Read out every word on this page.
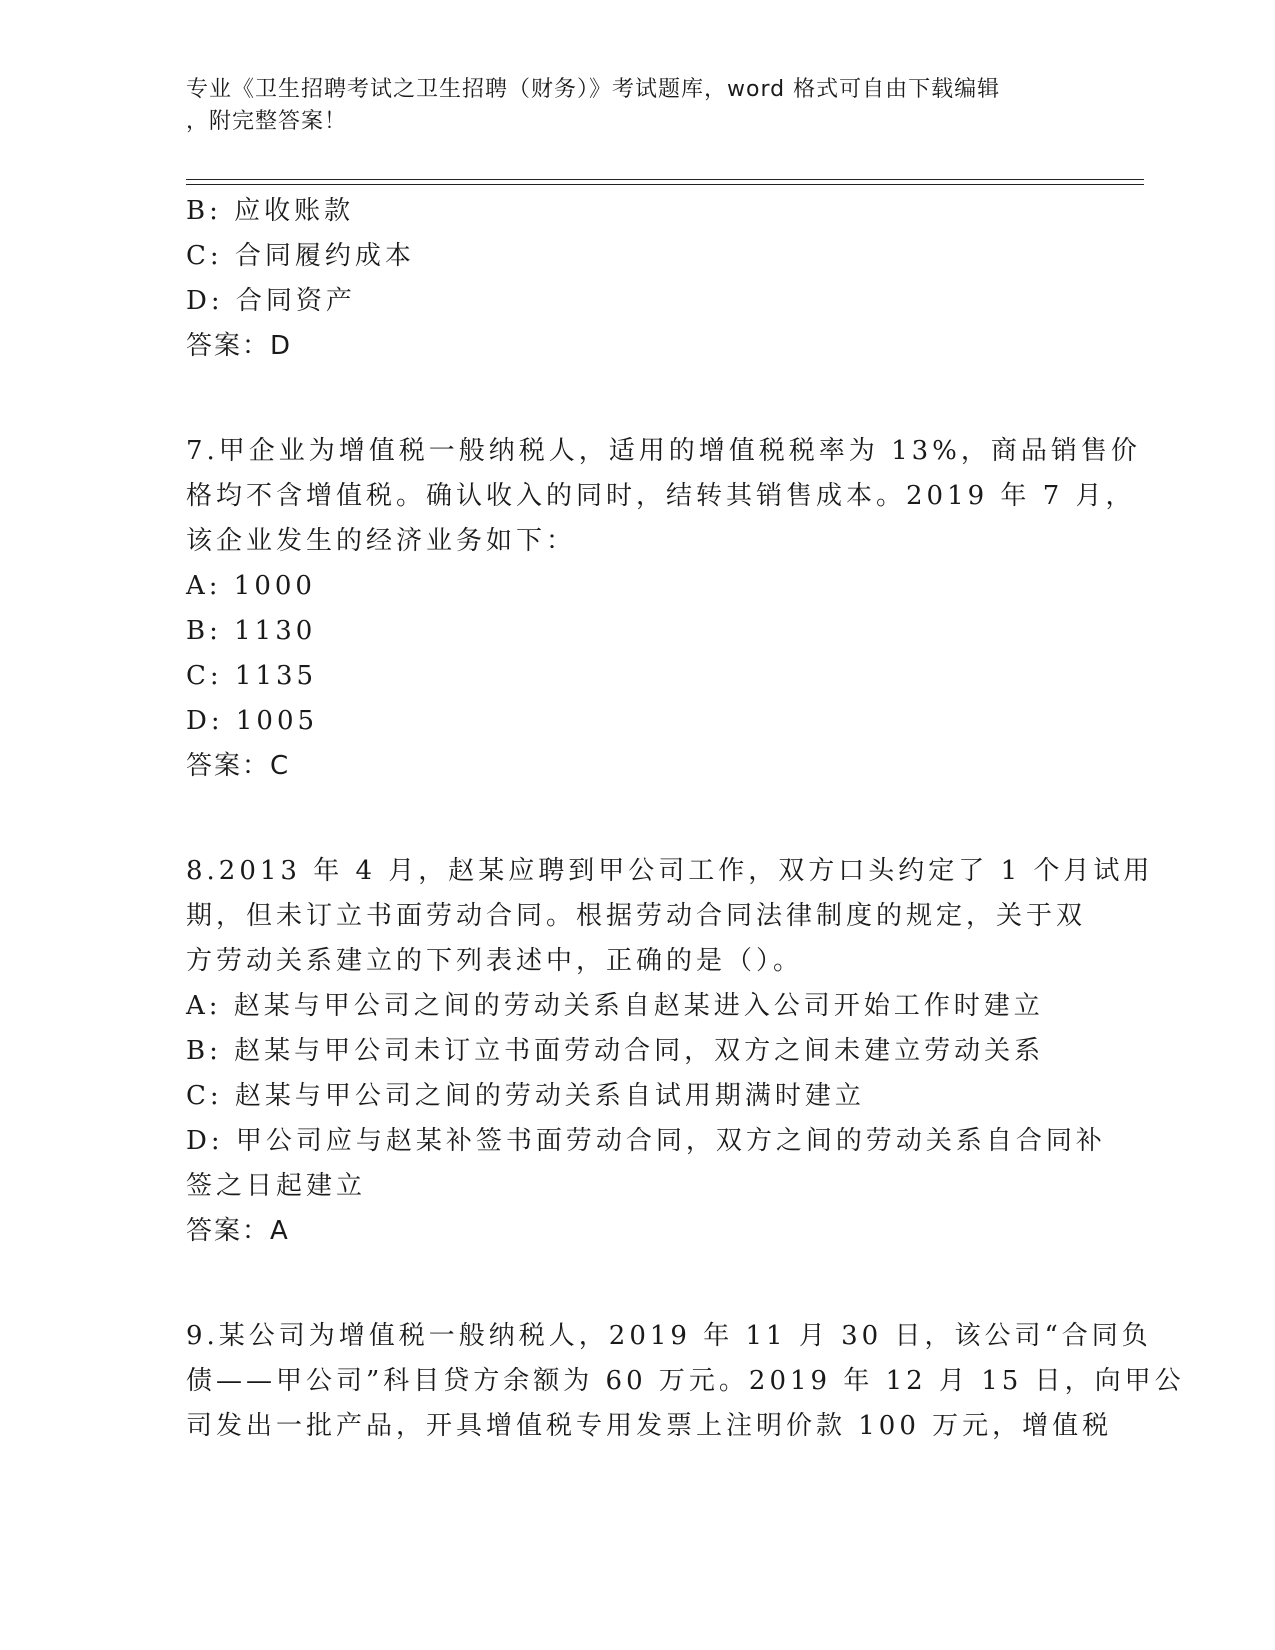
专业《卫生招聘考试之卫生招聘（财务）》考试题库，word 格式可自由下载编辑
，附完整答案！
B: 应收账款
C: 合同履约成本
D: 合同资产
答案：D
7.甲企业为增值税一般纳税人，适用的增值税税率为 13%，商品销售价
格均不含增值税。确认收入的同时，结转其销售成本。2019 年 7 月，
该企业发生的经济业务如下：
A: 1000
B: 1130
C: 1135
D: 1005
答案：C
8.2013 年 4 月，赵某应聘到甲公司工作，双方口头约定了 1 个月试用
期，但未订立书面劳动合同。根据劳动合同法律制度的规定，关于双
方劳动关系建立的下列表述中，正确的是（）。
A: 赵某与甲公司之间的劳动关系自赵某进入公司开始工作时建立
B: 赵某与甲公司未订立书面劳动合同，双方之间未建立劳动关系
C: 赵某与甲公司之间的劳动关系自试用期满时建立
D: 甲公司应与赵某补签书面劳动合同，双方之间的劳动关系自合同补
签之日起建立
答案：A
9.某公司为增值税一般纳税人，2019 年 11 月 30 日，该公司“合同负
债——甲公司”科目贷方余额为 60 万元。2019 年 12 月 15 日，向甲公
司发出一批产品，开具增值税专用发票上注明价款 100 万元，增值税
